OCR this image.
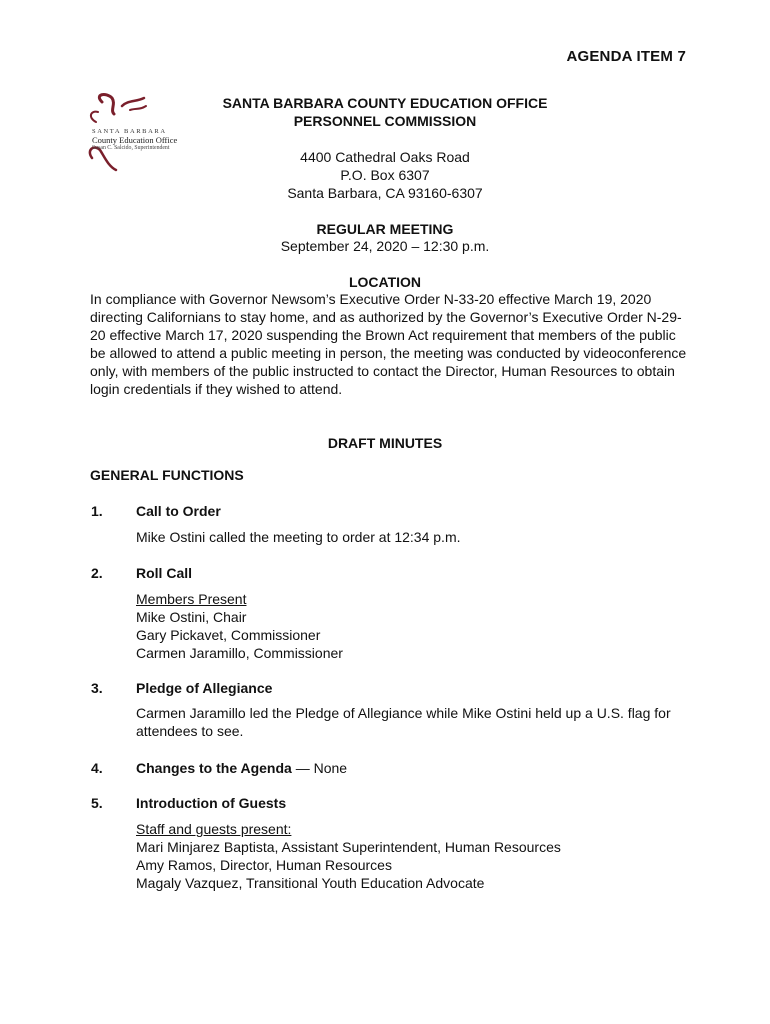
AGENDA ITEM 7
SANTA BARBARA
County Education Office
Susan C. Salcido, Superintendent
SANTA BARBARA COUNTY EDUCATION OFFICE
PERSONNEL COMMISSION
4400 Cathedral Oaks Road
P.O. Box 6307
Santa Barbara, CA 93160-6307
REGULAR MEETING
September 24, 2020 – 12:30 p.m.
LOCATION
In compliance with Governor Newsom’s Executive Order N-33-20 effective March 19, 2020 directing Californians to stay home, and as authorized by the Governor’s Executive Order N-29-20 effective March 17, 2020 suspending the Brown Act requirement that members of the public be allowed to attend a public meeting in person, the meeting was conducted by videoconference only, with members of the public instructed to contact the Director, Human Resources to obtain login credentials if they wished to attend.
DRAFT MINUTES
GENERAL FUNCTIONS
1. Call to Order
Mike Ostini called the meeting to order at 12:34 p.m.
2. Roll Call
Members Present
Mike Ostini, Chair
Gary Pickavet, Commissioner
Carmen Jaramillo, Commissioner
3. Pledge of Allegiance
Carmen Jaramillo led the Pledge of Allegiance while Mike Ostini held up a U.S. flag for attendees to see.
4. Changes to the Agenda — None
5. Introduction of Guests
Staff and guests present:
Mari Minjarez Baptista, Assistant Superintendent, Human Resources
Amy Ramos, Director, Human Resources
Magaly Vazquez, Transitional Youth Education Advocate
